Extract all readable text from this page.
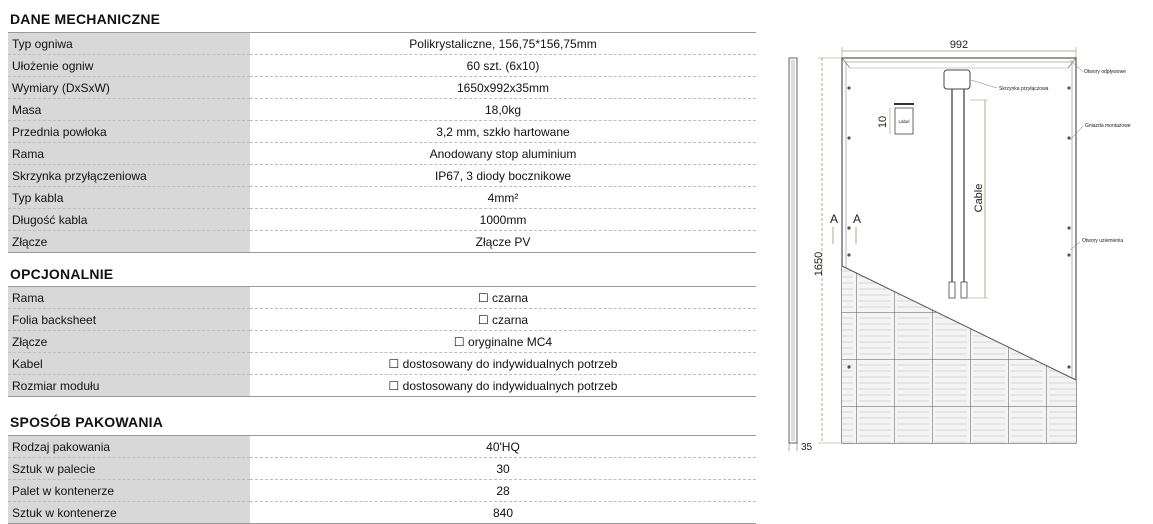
DANE MECHANICZNE
Typ ogniwa	Polikrystaliczne, 156,75*156,75mm
Ułożenie ogniw	60 szt. (6x10)
Wymiary (DxSxW)	1650x992x35mm
Masa	18,0kg
Przednia powłoka	3,2 mm, szkło hartowane
Rama	Anodowany stop aluminium
Skrzynka przyłączeniowa	IP67, 3 diody bocznikowe
Typ kabla	4mm²
Długość kabla	1000mm
Złącze	Złącze PV
OPCJONALNIE
Rama	☐ czarna
Folia backsheet	☐ czarna
Złącze	☐ oryginalne MC4
Kabel	☐ dostosowany do indywidualnych potrzeb
Rozmiar modułu	☐ dostosowany do indywidualnych potrzeb
SPOSÓB PAKOWANIA
Rodzaj pakowania	40'HQ
Sztuk w palecie	30
Palet w kontenerze	28
Sztuk w kontenerze	840
35
1650
992
Cable
Label
10
A A
Otwory odpływowe
Skrzynka przyłączowa
Gniazda montażowe
Otwory uziemienia
